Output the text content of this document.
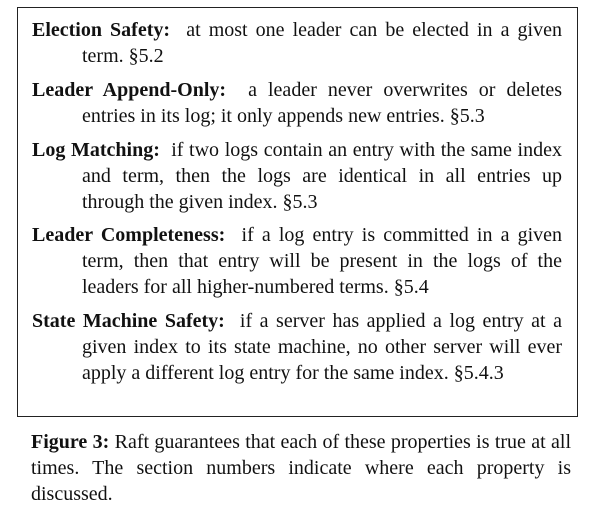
Election Safety: at most one leader can be elected in a given term. §5.2
Leader Append-Only: a leader never overwrites or deletes entries in its log; it only appends new entries. §5.3
Log Matching: if two logs contain an entry with the same index and term, then the logs are identical in all entries up through the given index. §5.3
Leader Completeness: if a log entry is committed in a given term, then that entry will be present in the logs of the leaders for all higher-numbered terms. §5.4
State Machine Safety: if a server has applied a log entry at a given index to its state machine, no other server will ever apply a different log entry for the same index. §5.4.3
Figure 3: Raft guarantees that each of these properties is true at all times. The section numbers indicate where each property is discussed.
